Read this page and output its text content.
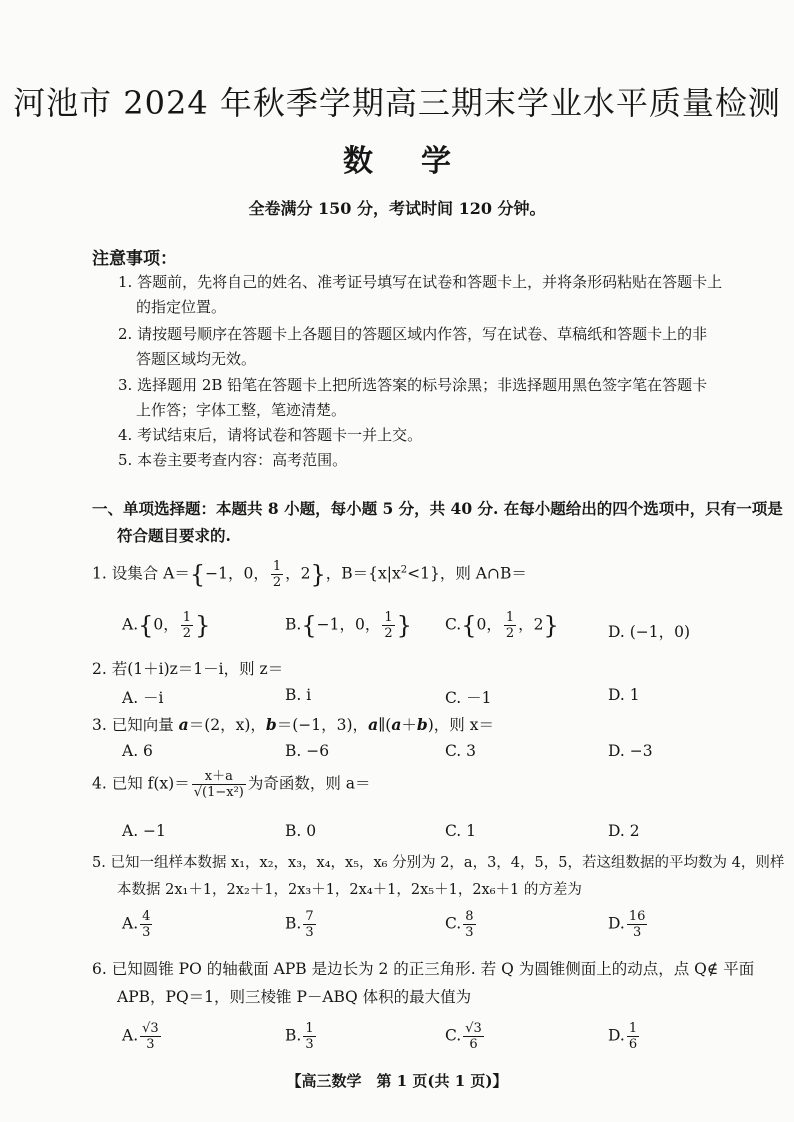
河池市 2024 年秋季学期高三期末学业水平质量检测
数学
全卷满分 150 分，考试时间 120 分钟。
注意事项：
1. 答题前，先将自己的姓名、准考证号填写在试卷和答题卡上，并将条形码粘贴在答题卡上
的指定位置。
2. 请按题号顺序在答题卡上各题目的答题区域内作答，写在试卷、草稿纸和答题卡上的非
答题区域均无效。
3. 选择题用 2B 铅笔在答题卡上把所选答案的标号涂黑；非选择题用黑色签字笔在答题卡
上作答；字体工整，笔迹清楚。
4. 考试结束后，请将试卷和答题卡一并上交。
5. 本卷主要考查内容：高考范围。
一、单项选择题：本题共 8 小题，每小题 5 分，共 40 分. 在每小题给出的四个选项中，只有一项是
符合题目要求的.
1. 设集合 A＝{−1，0， $\frac{1}{2}$ ，2}，$B=\{x|x^2<1\}$，则 A∩B＝
A.{0， $\frac{1}{2}$ }	B.{−1，0， $\frac{1}{2}$ } C.{0， $\frac{1}{2}$ ，2}	D. (−1，0)
2. 若(1＋i)z＝1－i，则 z＝
A. －i	B. i	C. －1	D. 1
3. 已知向量 a＝(2，x)，b＝(−1，3)，a∥(a＋b)，则 x＝
A. 6	B. −6	C. 3	D. −3
4. 已知 $f(x)= \frac{x+a}{\text{√(1−x²)}}$ 为奇函数，则 a＝
A. −1	B. 0	C. 1	D. 2
5. 已知一组样本数据 x₁，x₂，x₃，x₄，x₅，x₆ 分别为 2，a，3，4，5，5，若这组数据的平均数为 4，则样
本数据 2x₁＋1，2x₂＋1，2x₃＋1，2x₄＋1，2x₅＋1，2x₆＋1 的方差为
A. $\frac{4}{3}$	B. $\frac{7}{3}$	C. $\frac{8}{3}$	D. $\frac{16}{3}$
6. 已知圆锥 PO 的轴截面 APB 是边长为 2 的正三角形. 若 Q 为圆锥侧面上的动点，点 Q∉ 平面
APB，PQ＝1，则三棱锥 P－ABQ 体积的最大值为
A. $\frac{√3}{3}$	B. $\frac{1}{3}$	C. $\frac{√3}{6}$	D. $\frac{1}{6}$
【高三数学　第 1 页(共 1 页)】
